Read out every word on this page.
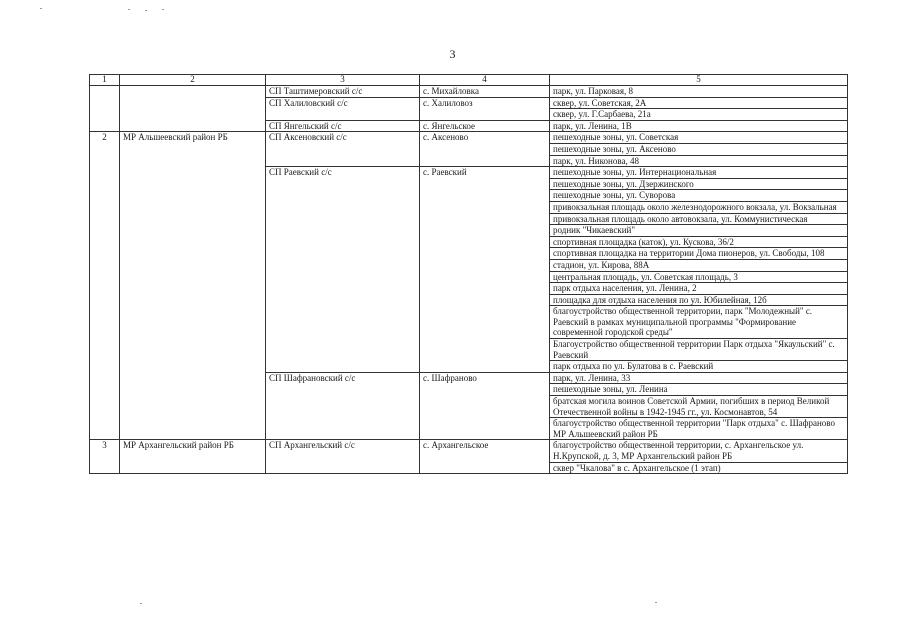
3
1	2	3	4	5
		СП Таштимеровский с/с	с. Михайловка	парк, ул. Парковая, 8
		СП Халиловский с/с	с. Халиловоз	сквер, ул. Советская, 2А
				сквер, ул. Г.Сарбаева, 21а
		СП Янгельский с/с	с. Янгельское	парк, ул. Ленина, 1В
2	МР Альшеевский район РБ	СП Аксеновский с/с	с. Аксеново	пешеходные зоны, ул. Советская
				пешеходные зоны, ул. Аксеново
				парк, ул. Никонова, 48
		СП Раевский с/с	с. Раевский	пешеходные зоны, ул. Интернациональная
				пешеходные зоны, ул. Дзержинского
				пешеходные зоны, ул. Суворова
				привокзальная площадь около железнодорожного вокзала, ул. Вокзальная
				привокзальная площадь около автовокзала, ул. Коммунистическая
				родник "Чикаевский"
				спортивная площадка (каток), ул. Кускова, 36/2
				спортивная площадка на территории Дома пионеров, ул. Свободы, 108
				стадион, ул. Кирова, 88А
				центральная площадь, ул. Советская площадь, 3
				парк отдыха населения, ул. Ленина, 2
				площадка для отдыха населения по ул. Юбилейная, 12б
				благоустройство общественной территории, парк "Молодежный" с. Раевский в рамках муниципальной программы "Формирование современной городской среды"
				Благоустройство общественной территории Парк отдыха "Якаульский" с. Раевский
				парк отдыха по ул. Булатова в с. Раевский
		СП Шафрановский с/с	с. Шафраново	парк, ул. Ленина, 33
				пешеходные зоны, ул. Ленина
				братская могила воинов Советской Армии, погибших в период Великой Отечественной войны в 1942-1945 гг., ул. Космонавтов, 54
				благоустройство общественной территории "Парк отдыха" с. Шафраново МР Альшеевский район РБ
3	МР Архангельский район РБ	СП Архангельский с/с	с. Архангельское	благоустройство общественной территории, с. Архангельское ул. Н.Крупской, д. 3, МР Архангельский район РБ
				сквер "Чкалова" в с. Архангельское (1 этап)
